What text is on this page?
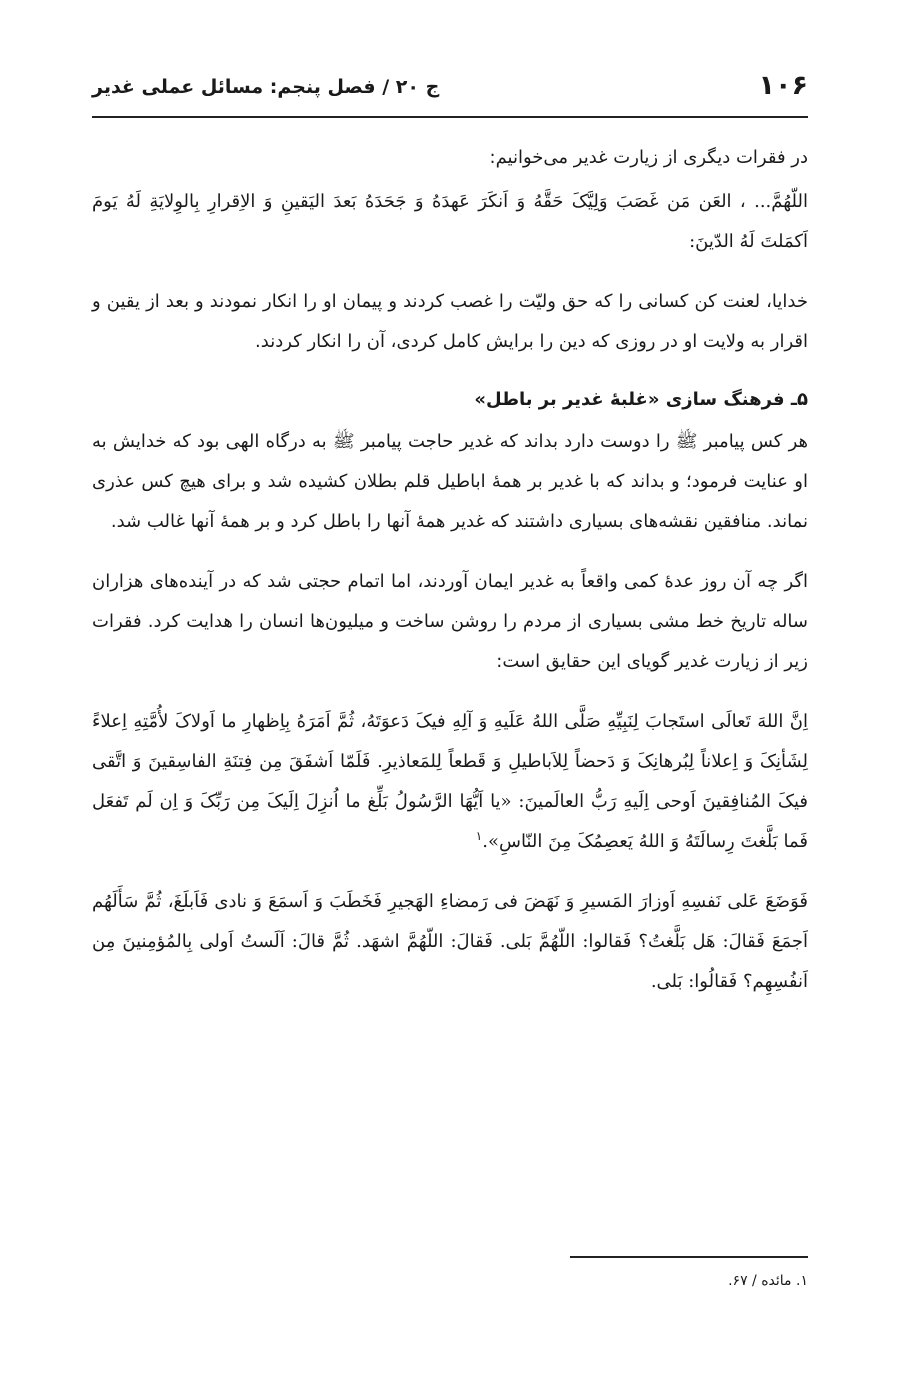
۱۰۶
ج ۲۰ / فصل پنجم: مسائل عملی غدیر

در فقرات دیگری از زیارت غدیر می‌خوانیم:

اللّهُمَّ... ، العَن مَن غَصَبَ وَلِيَّکَ حَقَّهُ وَ اَنکَرَ عَهدَهُ وَ جَحَدَهُ بَعدَ اليَقينِ وَ الاِقرارِ بِالوِلايَةِ لَهُ يَومَ اَکمَلتَ لَهُ الدّينَ:

خدایا، لعنت کن کسانی را که حق ولیّت را غصب کردند و پیمان او را انکار نمودند و بعد از یقین و اقرار به ولایت او در روزی که دین را برایش کامل کردی، آن را انکار کردند.

۵ـ فرهنگ سازی «غلبهٔ غدیر بر باطل»

هر کس پیامبر ﷺ را دوست دارد بداند که غدیر حاجت پیامبر ﷺ به درگاه الهی بود که خدایش به او عنایت فرمود؛ و بداند که با غدیر بر همهٔ اباطیل قلم بطلان کشیده شد و برای هیچ کس عذری نماند. منافقین نقشه‌های بسیاری داشتند که غدیر همهٔ آنها را باطل کرد و بر همهٔ آنها غالب شد.

اگر چه آن روز عدهٔ کمی واقعاً به غدیر ایمان آوردند، اما اتمام حجتی شد که در آینده‌های هزاران ساله تاریخ خط مشی بسیاری از مردم را روشن ساخت و میلیون‌ها انسان را هدایت کرد. فقرات زیر از زیارت غدیر گویای این حقایق است:

اِنَّ اللهَ تَعالَى استَجابَ لِنَبِيِّهِ صَلَّى اللهُ عَلَيهِ وَ آلِهِ فيکَ دَعوَتَهُ، ثُمَّ اَمَرَهُ بِاِظهارِ ما اَولاکَ لأُمَّتِهِ اِعلاءً لِشَأنِکَ وَ اِعلاناً لِبُرهانِکَ وَ دَحضاً لِلاَباطيلِ وَ قَطعاً لِلمَعاذيرِ. فَلَمّا اَشفَقَ مِن فِتنَةِ الفاسِقينَ وَ اتَّقى فيکَ المُنافِقينَ اَوحى اِلَيهِ رَبُّ العالَمينَ: «يا اَيُّهَا الرَّسُولُ بَلِّغ ما اُنزِلَ اِلَيکَ مِن رَبِّکَ وَ اِن لَم تَفعَل فَما بَلَّغتَ رِسالَتَهُ وَ اللهُ يَعصِمُکَ مِنَ النّاسِ».$^۱$

فَوَضَعَ عَلى نَفسِهِ اَوزارَ المَسيرِ وَ نَهَضَ فى رَمضاءِ الهَجيرِ فَخَطَبَ وَ اَسمَعَ وَ نادى فَاَبلَغَ، ثُمَّ سَأَلَهُم اَجمَعَ فَقالَ: هَل بَلَّغتُ؟ فَقالوا: اللّهُمَّ بَلى. فَقالَ: اللّهُمَّ اشهَد. ثُمَّ قالَ: اَلَستُ اَولى بِالمُؤمِنينَ مِن اَنفُسِهِم؟ فَقالُوا: بَلى.

۱. مائده / ۶۷.
